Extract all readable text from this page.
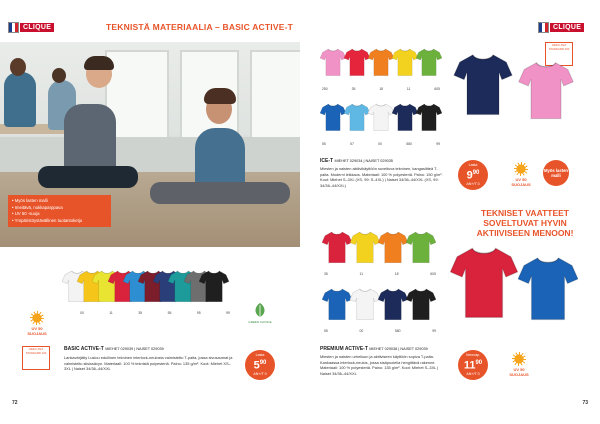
CLIQUE	TEKNISTÄ MATERIAALIA – BASIC ACTIVE-T
• Myös lasten malli
• Imeitävä, nukkaparppava
• UV 50 -suoja
• Ympäristöystävällinen tuotantoketju
00	11	35	55	95	99
UV 50 SUOJAUS
GREEN CHOICE
OEKO-TEX STANDARD 100
BASIC ACTIVE-T MIEHET 029039 | NAISET 029039
Lankavärjätty Lusiou edullinen tekninen interlock-neulosta valmistettu T-paita, jossa sivusaumat ja valmisteltu siisissävyn. Materiaali: 100 % teknistä polyesteriä. Paino: 135 g/m². Koot: Miehet XS–3XL | Naiset 34/36–44/XXL
Lasta
$5^{90}$
AN+/T 0
72
CLIQUE
250	35	18	11	605
55	57	00	580	99
OEKO-TEX STANDARD 100
ICE-T MIEHET 029034 | NAISET 029035
Miesten ja naisten aktiivikäyttöön soveltuva tekninen, kangaslitteä T-paita. Moderni leikkaus. Materiaali: 100 % polyesteriä. Paino: 150 g/m². Koot: Miehet S–3XL (XS, 99: S–4XL) | Naiset 34/36–44/XXL (XS, 99: 34/36–44/XXL)
Lasta
$9^{90}$
AN+/T 0
UV 50 SUOJAUS
Myös lasten malli
TEKNISET VAATTEET SOVELTUVAT HYVIN AKTIIVISEEN MENOON!
35	11	18	605
55	00	580	99
PREMIUM ACTIVE-T MIEHET 029038 | NAISET 029039
Miesten ja naisten urheiluun ja aktiiviseen käyttöön sopiva T-paita. Kankaassa interlock-neulos, jossa sisäpuolella hengittävä rakenne. Materiaali: 100 % polyesteriä. Paino: 135 g/m². Koot: Miehet S–3XL | Naiset 34/36–44/XXL
Verovap.
$11^{90}$
AN+/T 0
UV 50 SUOJAUS
73
